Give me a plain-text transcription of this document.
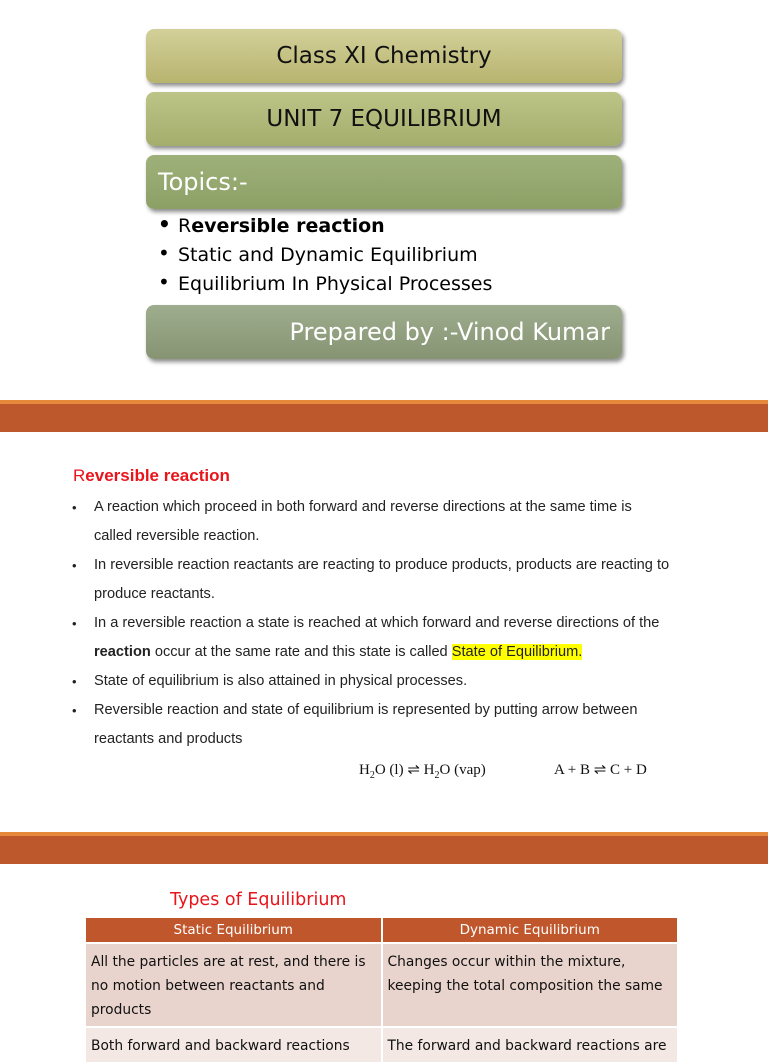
Class XI Chemistry
UNIT 7 EQUILIBRIUM
Topics:-
• Reversible reaction
• Static and Dynamic Equilibrium
• Equilibrium In Physical Processes
Prepared by :-Vinod Kumar
Reversible reaction
• A reaction which proceed in both forward and reverse directions at the same time is called reversible reaction.
• In reversible reaction reactants are reacting to produce products, products are reacting to produce reactants.
• In a reversible reaction a state is reached at which forward and reverse directions of the reaction occur at the same rate and this state is called State of Equilibrium.
• State of equilibrium is also attained in physical processes.
• Reversible reaction and state of equilibrium is represented by putting arrow between reactants and products
$H_2O$ (l) ⇌ $H_2O$ (vap)	A + B ⇌ C + D
Types of Equilibrium
Static Equilibrium	Dynamic Equilibrium
All the particles are at rest, and there is no motion between reactants and products	Changes occur within the mixture, keeping the total composition the same
Both forward and backward reactions	The forward and backward reactions are
